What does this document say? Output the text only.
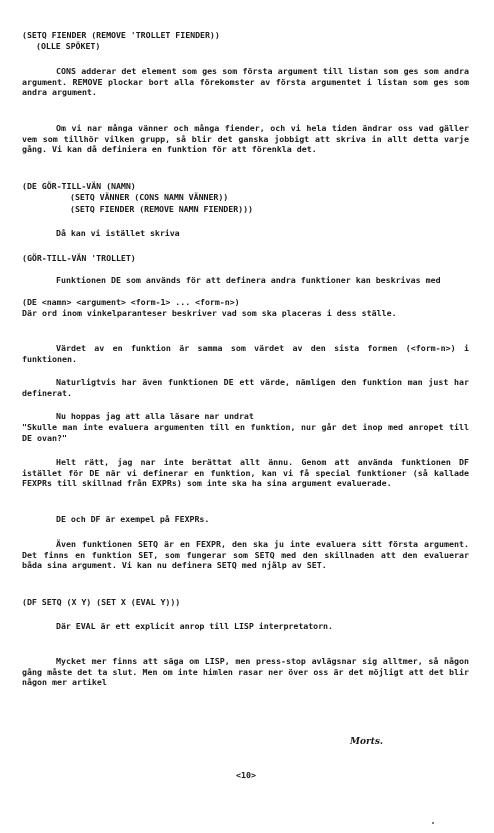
(SETQ FIENDER (REMOVE 'TROLLET FIENDER))
(OLLE SPÖKET)

CONS adderar det element som ges som första argument till listan som ges som andra argument. REMOVE plockar bort alla förekomster av första argumentet i listan som ges som andra argument.

Om vi nar många vänner och många fiender, och vi hela tiden ändrar oss vad gäller vem som tillhör vilken grupp, så blir det ganska jobbigt att skriva in allt detta varje gång. Vi kan då definiera en funktion för att förenkla det.

(DE GÖR-TILL-VÄN (NAMN)
(SETQ VÄNNER (CONS NAMN VÄNNER))
(SETQ FIENDER (REMOVE NAMN FIENDER)))
Då kan vi istället skriva
(GÖR-TILL-VÄN 'TROLLET)

Funktionen DE som används för att definera andra funktioner kan beskrivas med

(DE <namn> <argument> <form-1> ... <form-n>)

Där ord inom vinkelparanteser beskriver vad som ska placeras i dess ställe.

Värdet av en funktion är samma som värdet av den sista formen (<form-n>) i funktionen.

Naturligtvis har även funktionen DE ett värde, nämligen den funktion man just har definerat.

Nu hoppas jag att alla läsare nar undrat

"Skulle man inte evaluera argumenten till en funktion, nur går det inop med anropet till DE ovan?"

Helt rätt, jag nar inte berättat allt ännu. Genom att använda funktionen DF istället för DE när vi definerar en funktion, kan vi få special funktioner (så kallade FEXPRs till skillnad från EXPRs) som inte ska ha sina argument evaluerade.

DE och DF är exempel på FEXPRs.

Även funktionen SETQ är en FEXPR, den ska ju inte evaluera sitt första argument. Det finns en funktion SET, som fungerar som SETQ med den skillnaden att den evaluerar båda sina argument. Vi kan nu definera SETQ med nj̈älp av SET.

(DF SETQ (X Y) (SET X (EVAL Y)))
Där EVAL är ett explicit anrop till LISP interpretatorn.

Mycket mer finns att säga om LISP, men press-stop avlägsnar sig alltmer, så någon gång måste det ta slut. Men om inte himlen rasar ner över oss är det möjligt att det blir någon mer artikel

Morts.
<10>
